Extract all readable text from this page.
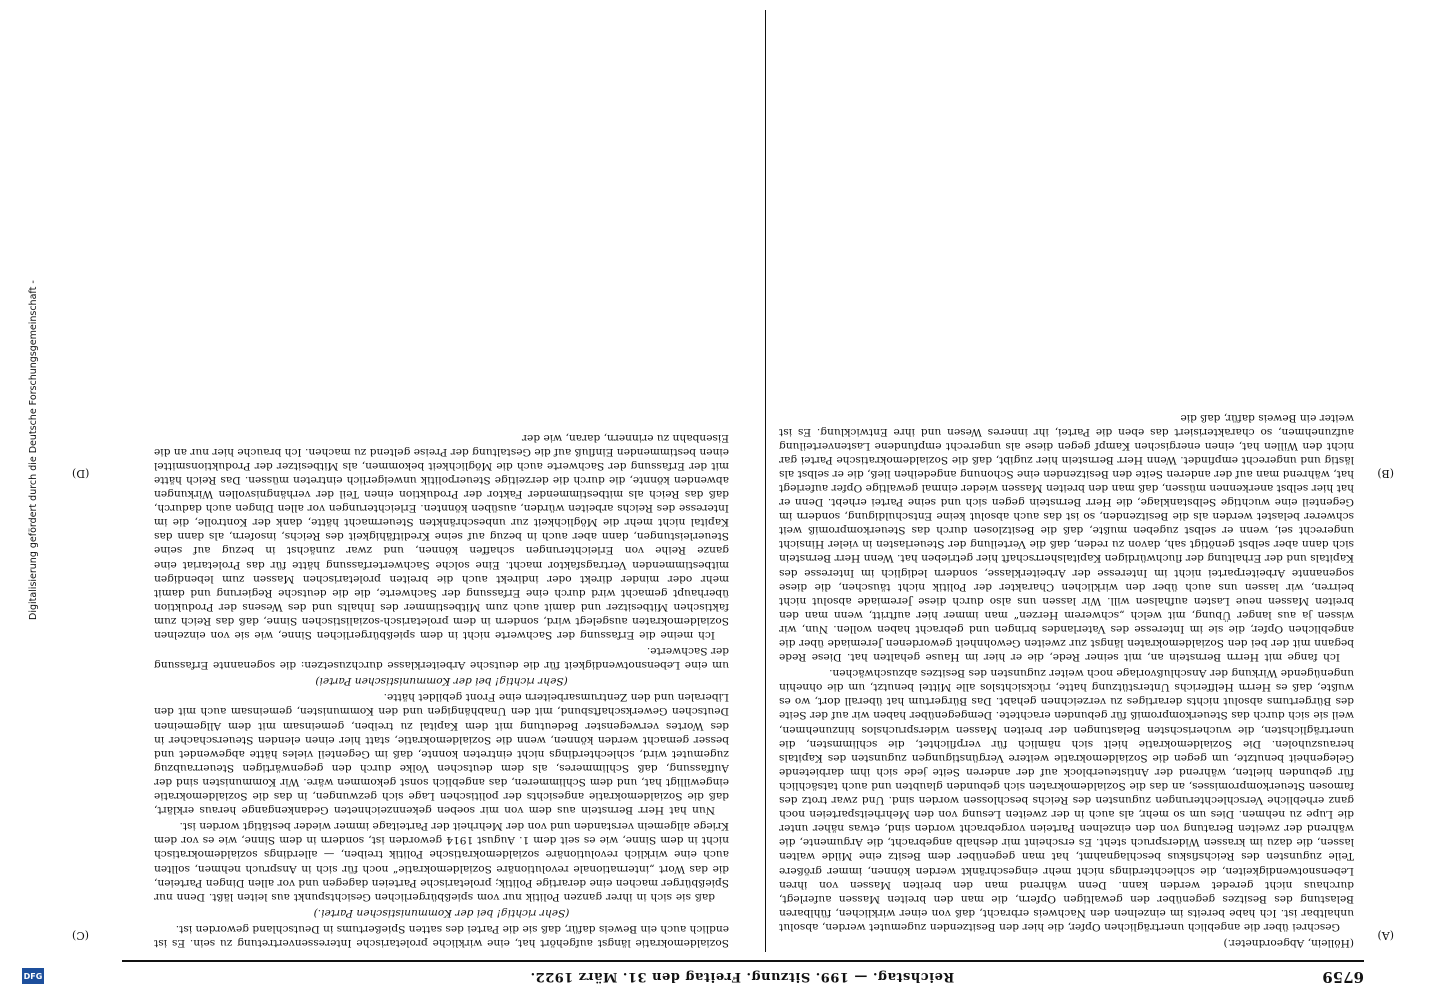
6759
Reichstag. — 199. Sitzung. Freitag den 31. März 1922.
(A)
(B)
(C)
(D)

(Höllein, Abgeordneter.)

Geschrei über die angeblich unerträglichen Opfer, die hier den Besitzenden zugemutet werden, absolut unhaltbar ist. Ich habe bereits im einzelnen den Nachweis erbracht, daß von einer wirklichen, fühlbaren Belastung des Besitzes gegenüber den gewaltigen Opfern, die man den breiten Massen auferlegt, durchaus nicht geredet werden kann. Denn während man den breiten Massen von ihren Lebensnotwendigkeiten, die schlechterdings nicht mehr eingeschränkt werden können, immer größere Teile zugunsten des Reichsfiskus beschlagnahmt, hat man gegenüber dem Besitz eine Milde walten lassen, die dazu im krassen Widerspruch steht. Es erscheint mir deshalb angebracht, die Argumente, die während der zweiten Beratung von den einzelnen Parteien vorgebracht worden sind, etwas näher unter die Lupe zu nehmen. Dies um so mehr, als auch in der zweiten Lesung von den Mehrheitsparteien noch ganz erhebliche Verschlechterungen zugunsten des Reichs beschlossen worden sind. Und zwar trotz des famosen Steuerkompromisses, an das die Sozialdemokraten sich gebunden glaubten und auch tatsächlich für gebunden hielten, während der Antisteuerblock auf der anderen Seite jede sich ihm darbietende Gelegenheit benutzte, um gegen die Sozialdemokratie weitere Vergünstigungen zugunsten des Kapitals herauszuholen. Die Sozialdemokratie hielt sich nämlich für verpflichtet, die schlimmsten, die unerträglichsten, die wucherischsten Belastungen der breiten Massen widerspruchslos hinzunehmen, weil sie sich durch das Steuerkompromiß für gebunden erachtete. Demgegenüber haben wir auf der Seite des Bürgertums absolut nichts derartiges zu verzeichnen gehabt. Das Bürgertum hat überall dort, wo es wußte, daß es Herrn Helfferichs Unterstützung hatte, rücksichtslos alle Mittel benutzt, um die ohnehin ungenügende Wirkung der Anschlußvorlage noch weiter zugunsten des Besitzes abzuschwächen.

Ich fange mit Herrn Bernstein an, mit seiner Rede, die er hier im Hause gehalten hat. Diese Rede begann mit der bei den Sozialdemokraten längst zur zweiten Gewohnheit gewordenen Jeremiade über die angeblichen Opfer, die sie im Interesse des Vaterlandes bringen und gebracht haben wollen. Nun, wir wissen ja aus langer Übung, mit welch „schwerem Herzen“ man immer hier auftritt, wenn man den breiten Massen neue Lasten aufhalsen will. Wir lassen uns also durch diese Jeremiade absolut nicht beirren, wir lassen uns auch über den wirklichen Charakter der Politik nicht täuschen, die diese sogenannte Arbeiterpartei nicht im Interesse der Arbeiterklasse, sondern lediglich im Interesse des Kapitals und der Erhaltung der fluchwürdigen Kapitalsherrschaft hier getrieben hat. Wenn Herr Bernstein sich dann aber selbst genötigt sah, davon zu reden, daß die Verteilung der Steuerlasten in vieler Hinsicht ungerecht sei, wenn er selbst zugeben mußte, daß die Besitzlosen durch das Steuerkompromiß weit schwerer belastet werden als die Besitzenden, so ist das auch absolut keine Entschuldigung, sondern im Gegenteil eine wuchtige Selbstanklage, die Herr Bernstein gegen sich und seine Partei erhebt. Denn er hat hier selbst anerkennen müssen, daß man den breiten Massen wieder einmal gewaltige Opfer auferlegt hat, während man auf der anderen Seite den Besitzenden eine Schonung angedeihen ließ, die er selbst als lästig und ungerecht empfindet. Wenn Herr Bernstein hier zugibt, daß die Sozialdemokratische Partei gar nicht den Willen hat, einen energischen Kampf gegen diese als ungerecht empfundene Lastenverteilung aufzunehmen, so charakterisiert das eben die Partei, ihr inneres Wesen und ihre Entwicklung. Es ist weiter ein Beweis dafür, daß die

Sozialdemokratie längst aufgehört hat, eine wirkliche proletarische Interessenvertretung zu sein. Es ist endlich auch ein Beweis dafür, daß sie die Partei des satten Spießertums in Deutschland geworden ist.

(Sehr richtig! bei der Kommunistischen Partei.)

daß sie sich in ihrer ganzen Politik nur vom spießbürgerlichen Gesichtspunkt aus leiten läßt. Denn nur Spießbürger machen eine derartige Politik; proletarische Parteien dagegen und vor allen Dingen Parteien, die das Wort „internationale revolutionäre Sozialdemokratie“ noch für sich in Anspruch nehmen, sollten auch eine wirklich revolutionäre sozialdemokratische Politik treiben, — allerdings sozialdemokratisch nicht in dem Sinne, wie es seit dem 1. August 1914 geworden ist, sondern in dem Sinne, wie es vor dem Kriege allgemein verstanden und von der Mehrheit der Parteitage immer wieder bestätigt worden ist.

Nun hat Herr Bernstein aus dem von mir soeben gekennzeichneten Gedankengange heraus erklärt, daß die Sozialdemokratie angesichts der politischen Lage sich gezwungen, in das die Sozialdemokratie eingewilligt hat, und dem Schlimmeren, das angeblich sonst gekommen wäre. Wir Kommunisten sind der Auffassung, daß Schlimmeres, als dem deutschen Volke durch den gegenwärtigen Steuerraubzug zugemutet wird, schlechterdings nicht eintreten konnte, daß im Gegenteil vieles hätte abgewendet und besser gemacht werden können, wenn die Sozialdemokratie, statt hier einen elenden Steuerschacher in des Wortes verwegenster Bedeutung mit dem Kapital zu treiben, gemeinsam mit dem Allgemeinen Deutschen Gewerkschaftsbund, mit den Unabhängigen und den Kommunisten, gemeinsam auch mit den Liberalen und den Zentrumsarbeitern eine Front gebildet hätte.

(Sehr richtig! bei der Kommunistischen Partei)

um eine Lebensnotwendigkeit für die deutsche Arbeiterklasse durchzusetzen: die sogenannte Erfassung der Sachwerte.

Ich meine die Erfassung der Sachwerte nicht in dem spießbürgerlichen Sinne, wie sie von einzelnen Sozialdemokraten ausgelegt wird, sondern in dem proletarisch-sozialistischen Sinne, daß das Reich zum faktischen Mitbesitzer und damit auch zum Mitbestimmer des Inhalts und des Wesens der Produktion überhaupt gemacht wird durch eine Erfassung der Sachwerte, die die deutsche Regierung und damit mehr oder minder direkt oder indirekt auch die breiten proletarischen Massen zum lebendigen mitbestimmenden Vertragsfaktor macht. Eine solche Sachwerterfassung hätte für das Proletariat eine ganze Reihe von Erleichterungen schaffen können, und zwar zunächst in bezug auf seine Steuerleistungen, dann aber auch in bezug auf seine Kreditfähigkeit des Reichs, insofern, als dann das Kapital nicht mehr die Möglichkeit zur unbeschränkten Steuermacht hätte, dank der Kontrolle, die im Interesse des Reichs arbeiten würden, ausüben könnten. Erleichterungen vor allen Dingen auch dadurch, daß das Reich als mitbestimmender Faktor der Produktion einen Teil der verhängnisvollen Wirkungen abwenden könnte, die durch die derzeitige Steuerpolitik unweigerlich eintreten müssen. Das Reich hätte mit der Erfassung der Sachwerte auch die Möglichkeit bekommen, als Mitbesitzer der Produktionsmittel einen bestimmenden Einfluß auf die Gestaltung der Preise geltend zu machen. Ich brauche hier nur an die Eisenbahn zu erinnern, daran, wie der

Digitalisierung gefördert durch die Deutsche Forschungsgemeinschaft -
DFG
